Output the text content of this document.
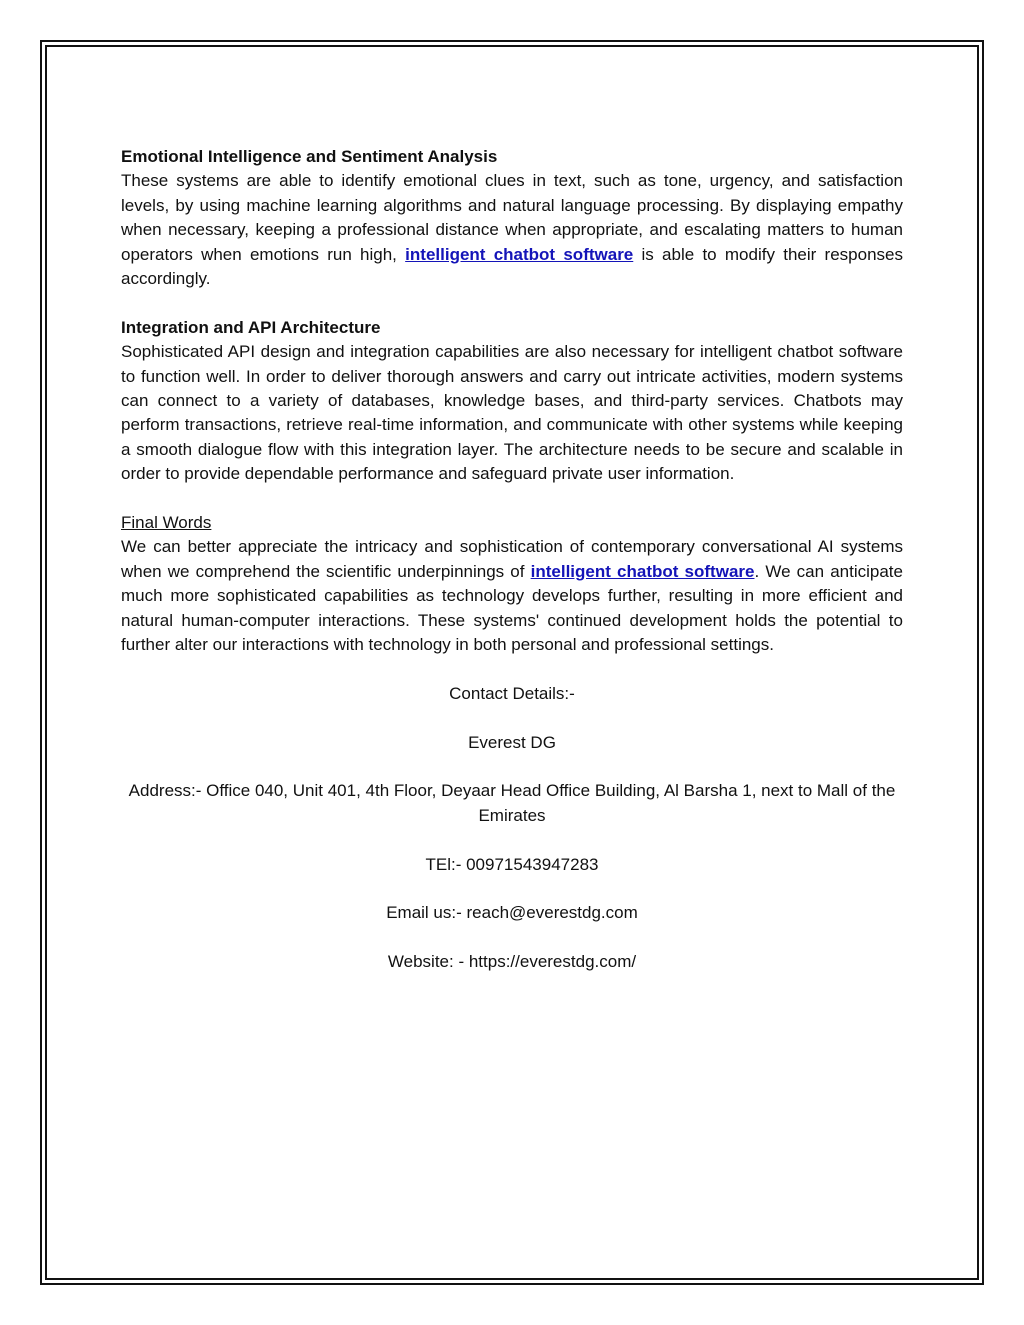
Emotional Intelligence and Sentiment Analysis

These systems are able to identify emotional clues in text, such as tone, urgency, and satisfaction levels, by using machine learning algorithms and natural language processing. By displaying empathy when necessary, keeping a professional distance when appropriate, and escalating matters to human operators when emotions run high, intelligent chatbot software is able to modify their responses accordingly.

Integration and API Architecture

Sophisticated API design and integration capabilities are also necessary for intelligent chatbot software to function well. In order to deliver thorough answers and carry out intricate activities, modern systems can connect to a variety of databases, knowledge bases, and third-party services. Chatbots may perform transactions, retrieve real-time information, and communicate with other systems while keeping a smooth dialogue flow with this integration layer. The architecture needs to be secure and scalable in order to provide dependable performance and safeguard private user information.

Final Words

We can better appreciate the intricacy and sophistication of contemporary conversational AI systems when we comprehend the scientific underpinnings of intelligent chatbot software. We can anticipate much more sophisticated capabilities as technology develops further, resulting in more efficient and natural human-computer interactions. These systems' continued development holds the potential to further alter our interactions with technology in both personal and professional settings.

Contact Details:-

Everest DG

Address:- Office 040, Unit 401, 4th Floor, Deyaar Head Office Building, Al Barsha 1, next to Mall of the Emirates

TEl:- 00971543947283

Email us:- reach@everestdg.com

Website: - https://everestdg.com/
